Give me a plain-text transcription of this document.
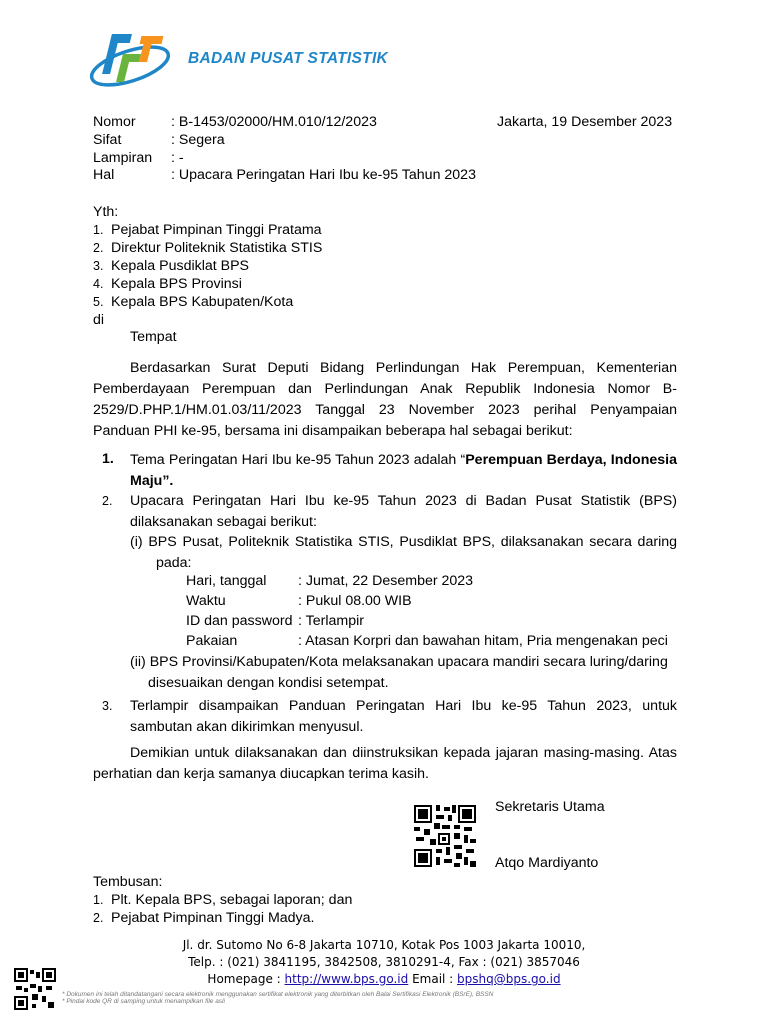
BADAN PUSAT STATISTIK
Nomor : B-1453/02000/HM.010/12/2023	Jakarta, 19 Desember 2023
Sifat	: Segera
Lampiran : -
Hal	: Upacara Peringatan Hari Ibu ke-95 Tahun 2023
Yth:
1. Pejabat Pimpinan Tinggi Pratama
2. Direktur Politeknik Statistika STIS
3. Kepala Pusdiklat BPS
4. Kepala BPS Provinsi
5. Kepala BPS Kabupaten/Kota
di
Tempat
Berdasarkan Surat Deputi Bidang Perlindungan Hak Perempuan, Kementerian Pemberdayaan Perempuan dan Perlindungan Anak Republik Indonesia Nomor B-2529/D.PHP.1/HM.01.03/11/2023 Tanggal 23 November 2023 perihal Penyampaian Panduan PHI ke-95, bersama ini disampaikan beberapa hal sebagai berikut:
1. Tema Peringatan Hari Ibu ke-95 Tahun 2023 adalah “Perempuan Berdaya, Indonesia Maju”.
2. Upacara Peringatan Hari Ibu ke-95 Tahun 2023 di Badan Pusat Statistik (BPS) dilaksanakan sebagai berikut:
(i) BPS Pusat, Politeknik Statistika STIS, Pusdiklat BPS, dilaksanakan secara daring pada:
Hari, tanggal : Jumat, 22 Desember 2023
Waktu	: Pukul 08.00 WIB
ID dan password : Terlampir
Pakaian	: Atasan Korpri dan bawahan hitam, Pria mengenakan peci
(ii) BPS Provinsi/Kabupaten/Kota melaksanakan upacara mandiri secara luring/daring disesuaikan dengan kondisi setempat.
3. Terlampir disampaikan Panduan Peringatan Hari Ibu ke-95 Tahun 2023, untuk sambutan akan dikirimkan menyusul.
Demikian untuk dilaksanakan dan diinstruksikan kepada jajaran masing-masing. Atas perhatian dan kerja samanya diucapkan terima kasih.
Sekretaris Utama
Atqo Mardiyanto
Tembusan:
1. Plt. Kepala BPS, sebagai laporan; dan
2. Pejabat Pimpinan Tinggi Madya.
Jl. dr. Sutomo No 6-8 Jakarta 10710, Kotak Pos 1003 Jakarta 10010,
Telp. : (021) 3841195, 3842508, 3810291-4, Fax : (021) 3857046
Homepage : http://www.bps.go.id Email : bpshq@bps.go.id
* Dokumen ini telah ditandatangani secara elektronik menggunakan sertifikat elektronik yang diterbitkan oleh Balai Sertifikasi Elektronik (BSrE), BSSN
* Pindai kode QR di samping untuk menampilkan file asli
